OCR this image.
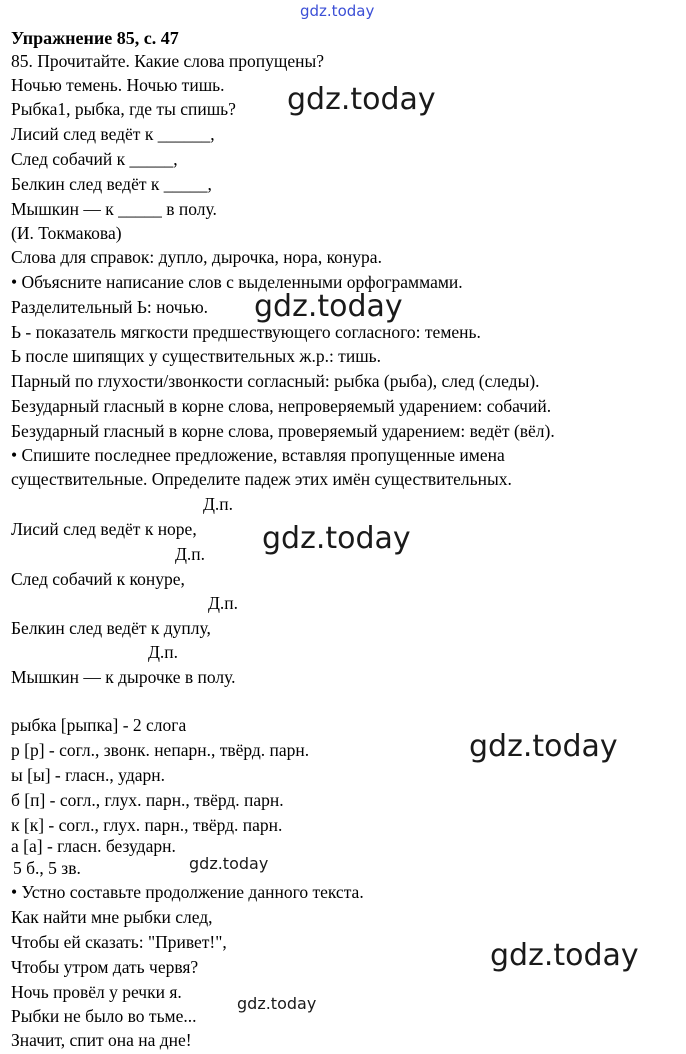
gdz.today
Упражнение 85, с. 47
85. Прочитайте. Какие слова пропущены?
Ночью темень. Ночью тишь.
Рыбка1, рыбка, где ты спишь?
Лисий след ведёт к ______,
След собачий к _____,
Белкин след ведёт к _____,
Мышкин — к _____ в полу.
(И. Токмакова)
Слова для справок: дупло, дырочка, нора, конура.
• Объясните написание слов с выделенными орфограммами.
Разделительный Ь: ночью.
Ь - показатель мягкости предшествующего согласного: темень.
Ь после шипящих у существительных ж.р.: тишь.
Парный по глухости/звонкости согласный: рыбка (рыба), след (следы).
Безударный гласный в корне слова, непроверяемый ударением: собачий.
Безударный гласный в корне слова, проверяемый ударением: ведёт (вёл).
• Спишите последнее предложение, вставляя пропущенные имена
существительные. Определите падеж этих имён существительных.
Д.п.
Лисий след ведёт к норе,
Д.п.
След собачий к конуре,
Д.п.
Белкин след ведёт к дуплу,
Д.п.
Мышкин — к дырочке в полу.
рыбка [рыпка] - 2 слога
р [р] - согл., звонк. непарн., твёрд. парн.
ы [ы] - гласн., ударн.
б [п] - согл., глух. парн., твёрд. парн.
к [к] - согл., глух. парн., твёрд. парн.
а [а] - гласн. безударн.
5 б., 5 зв.
• Устно составьте продолжение данного текста.
Как найти мне рыбки след,
Чтобы ей сказать: "Привет!",
Чтобы утром дать червя?
Ночь провёл у речки я.
Рыбки не было во тьме...
Значит, спит она на дне!
gdz.today
gdz.today
gdz.today
gdz.today
gdz.today
gdz.today
gdz.today
